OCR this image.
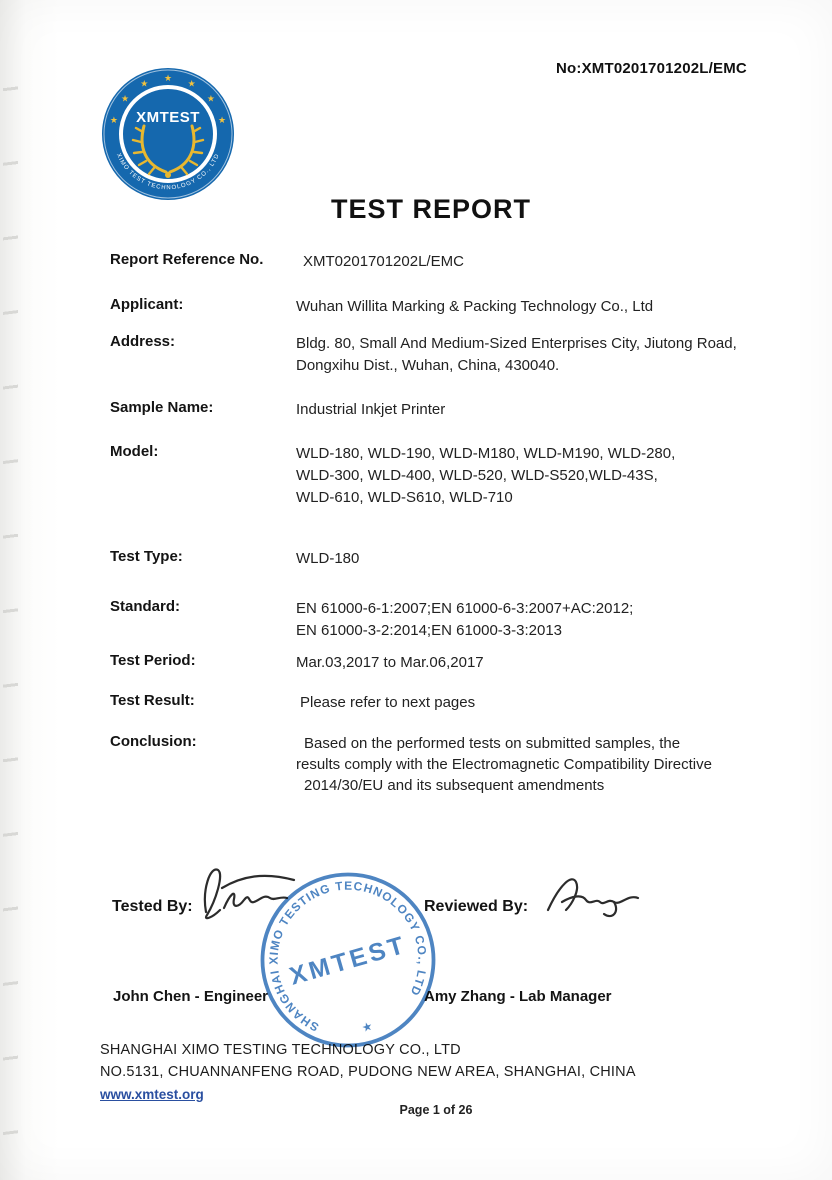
No:XMT0201701202L/EMC
★
★	★
★	★
★	★
XIMO TEST TECHNOLOGY CO., LTD
XMTEST
TEST REPORT
Report Reference No.	XMT0201701202L/EMC
Applicant:	Wuhan Willita Marking & Packing Technology Co., Ltd
Address:	Bldg. 80, Small And Medium-Sized Enterprises City, Jiutong Road,
Dongxihu Dist., Wuhan, China, 430040.
Sample Name:	Industrial Inkjet Printer
Model:	WLD-180, WLD-190, WLD-M180, WLD-M190, WLD-280,
WLD-300, WLD-400, WLD-520, WLD-S520,WLD-43S,
WLD-610, WLD-S610, WLD-710
Test Type:	WLD-180
Standard:	EN 61000-6-1:2007;EN 61000-6-3:2007+AC:2012;
EN 61000-3-2:2014;EN 61000-3-3:2013
Test Period:	Mar.03,2017 to Mar.06,2017
Test Result:	Please refer to next pages
Conclusion:	Based on the performed tests on submitted samples, the
results comply with the Electromagnetic Compatibility Directive
2014/30/EU and its subsequent amendments
Tested By:	Reviewed By:
SHANGHAI XIMO TESTING TECHNOLOGY CO., LTD
XMTEST
★
John Chen - Engineer	Amy Zhang - Lab Manager
SHANGHAI XIMO TESTING TECHNOLOGY CO., LTD
NO.5131, CHUANNANFENG ROAD, PUDONG NEW AREA, SHANGHAI, CHINA
www.xmtest.org
Page 1 of 26
